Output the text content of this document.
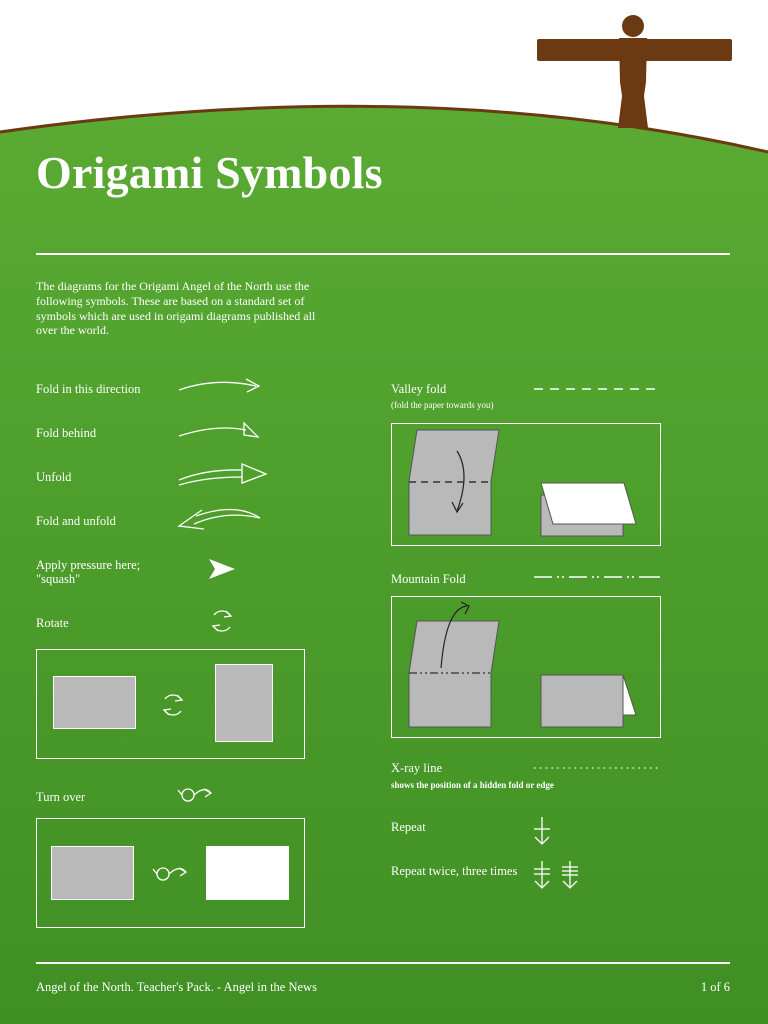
Origami Symbols
The diagrams for the Origami Angel of the North use the following symbols. These are based on a standard set of symbols which are used in origami diagrams published all over the world.
Fold in this direction
Fold behind
Unfold
Fold and unfold
Apply pressure here;
"squash"
Rotate
Turn over
Valley fold
(fold the paper towards you)
Mountain Fold
X-ray line
shows the position of a hidden fold or edge
Repeat
Repeat twice, three times
Angel of the North. Teacher's Pack. - Angel in the News	1 of 6
